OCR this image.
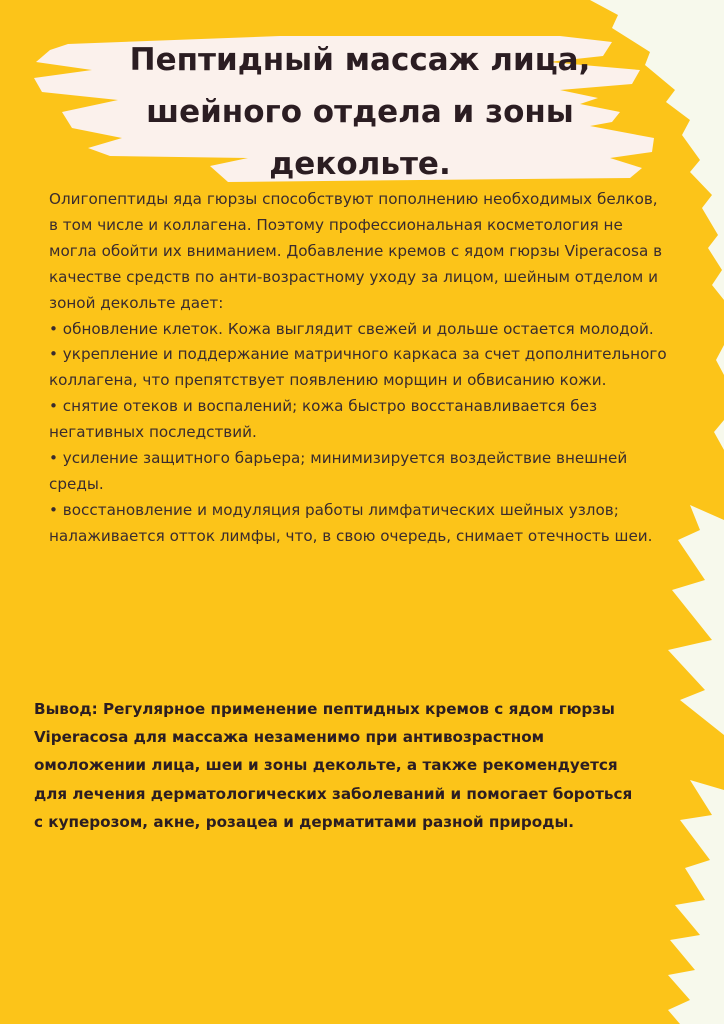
Пептидный массаж лица,
шейного отдела и зоны
декольте.

Олигопептиды яда гюрзы способствуют пополнению необходимых белков, в том числе и коллагена. Поэтому профессиональная косметология не могла обойти их вниманием. Добавление кремов с ядом гюрзы Viperacosa в качестве средств по анти-возрастному уходу за лицом, шейным отделом и зоной декольте дает:

• обновление клеток. Кожа выглядит свежей и дольше остается молодой.

• укрепление и поддержание матричного каркаса за счет дополнительного коллагена, что препятствует появлению морщин и обвисанию кожи.

• снятие отеков и воспалений; кожа быстро восстанавливается без негативных последствий.

• усиление защитного барьера; минимизируется воздействие внешней среды.

• восстановление и модуляция работы лимфатических шейных узлов; налаживается отток лимфы, что, в свою очередь, снимает отечность шеи.

Вывод: Регулярное применение пептидных кремов с ядом гюрзы Viperacosa для массажа незаменимо при антивозрастном омоложении лица, шеи и зоны декольте, а также рекомендуется для лечения дерматологических заболеваний и помогает бороться с куперозом, акне, розацеа и дерматитами разной природы.
